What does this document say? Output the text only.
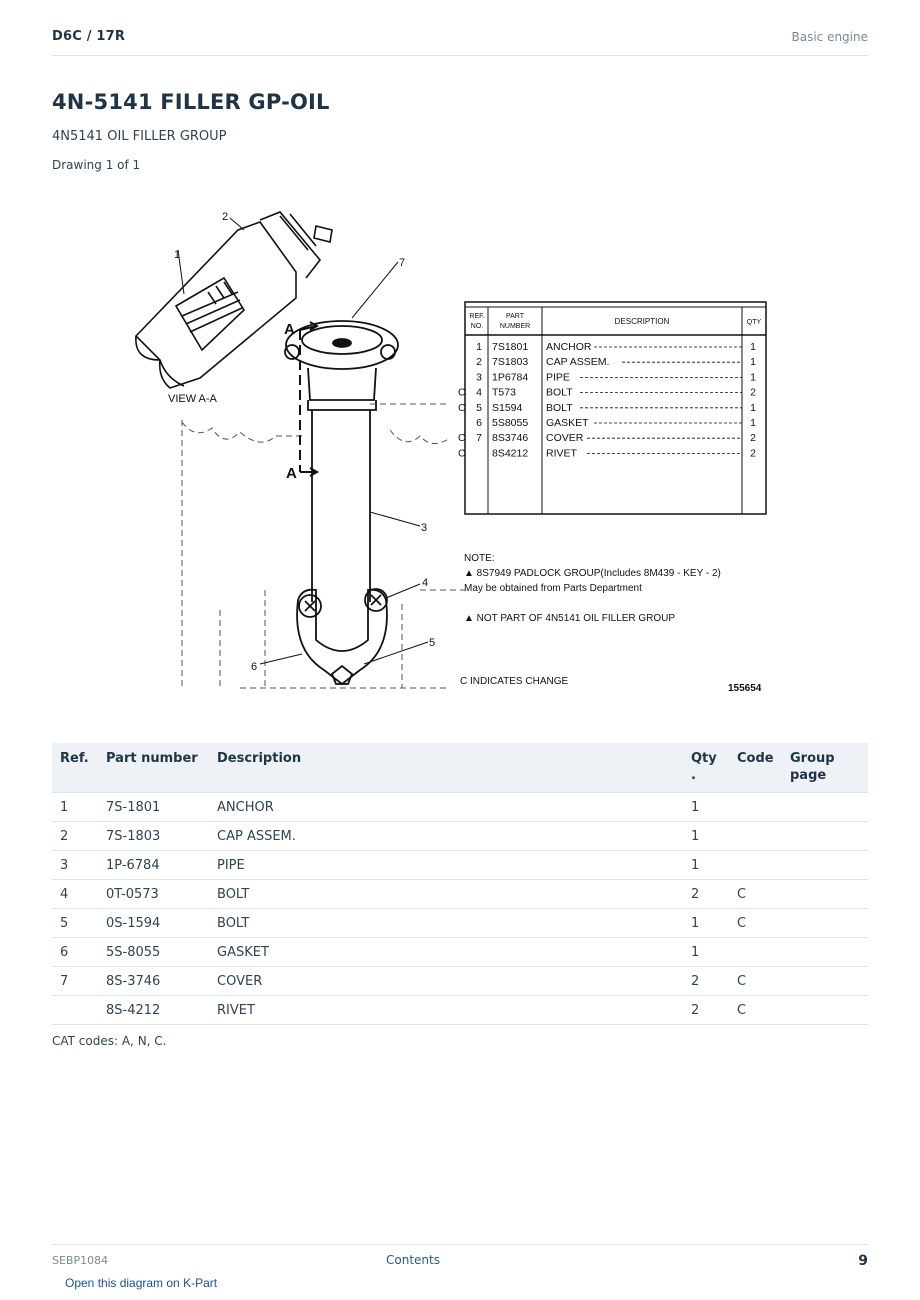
D6C / 17R	Basic engine
4N-5141 FILLER GP-OIL
4N5141 OIL FILLER GROUP
Drawing 1 of 1
1
2
3
4
5
6
7
A
A
VIEW A-A
REF.
NO.
PART
NUMBER
DESCRIPTION	QTY
1 7S1801 ANCHOR	1
2 7S1803 CAP ASSEM.	1
3 1P6784 PIPE	1
C 4 T573	BOLT	2
C 5 S1594 BOLT	1
6 5S8055 GASKET	1
C 7 8S3746 COVER	2
C	8S4212 RIVET	2
NOTE:
▲ 8S7949 PADLOCK GROUP(Includes 8M439 - KEY - 2)
May be obtained from Parts Department
▲ NOT PART OF 4N5141 OIL FILLER GROUP
C INDICATES CHANGE
155654
Ref.	Part number	Description	Qty
.	Code	Group page
1	7S-1801	ANCHOR	1		
2	7S-1803	CAP ASSEM.	1		
3	1P-6784	PIPE	1		
4	0T-0573	BOLT	2	C	
5	0S-1594	BOLT	1	C	
6	5S-8055	GASKET	1		
7	8S-3746	COVER	2	C	
	8S-4212	RIVET	2	C	
CAT codes: A, N, C.
SEBP1084	Contents	9
Open this diagram on K-Part
